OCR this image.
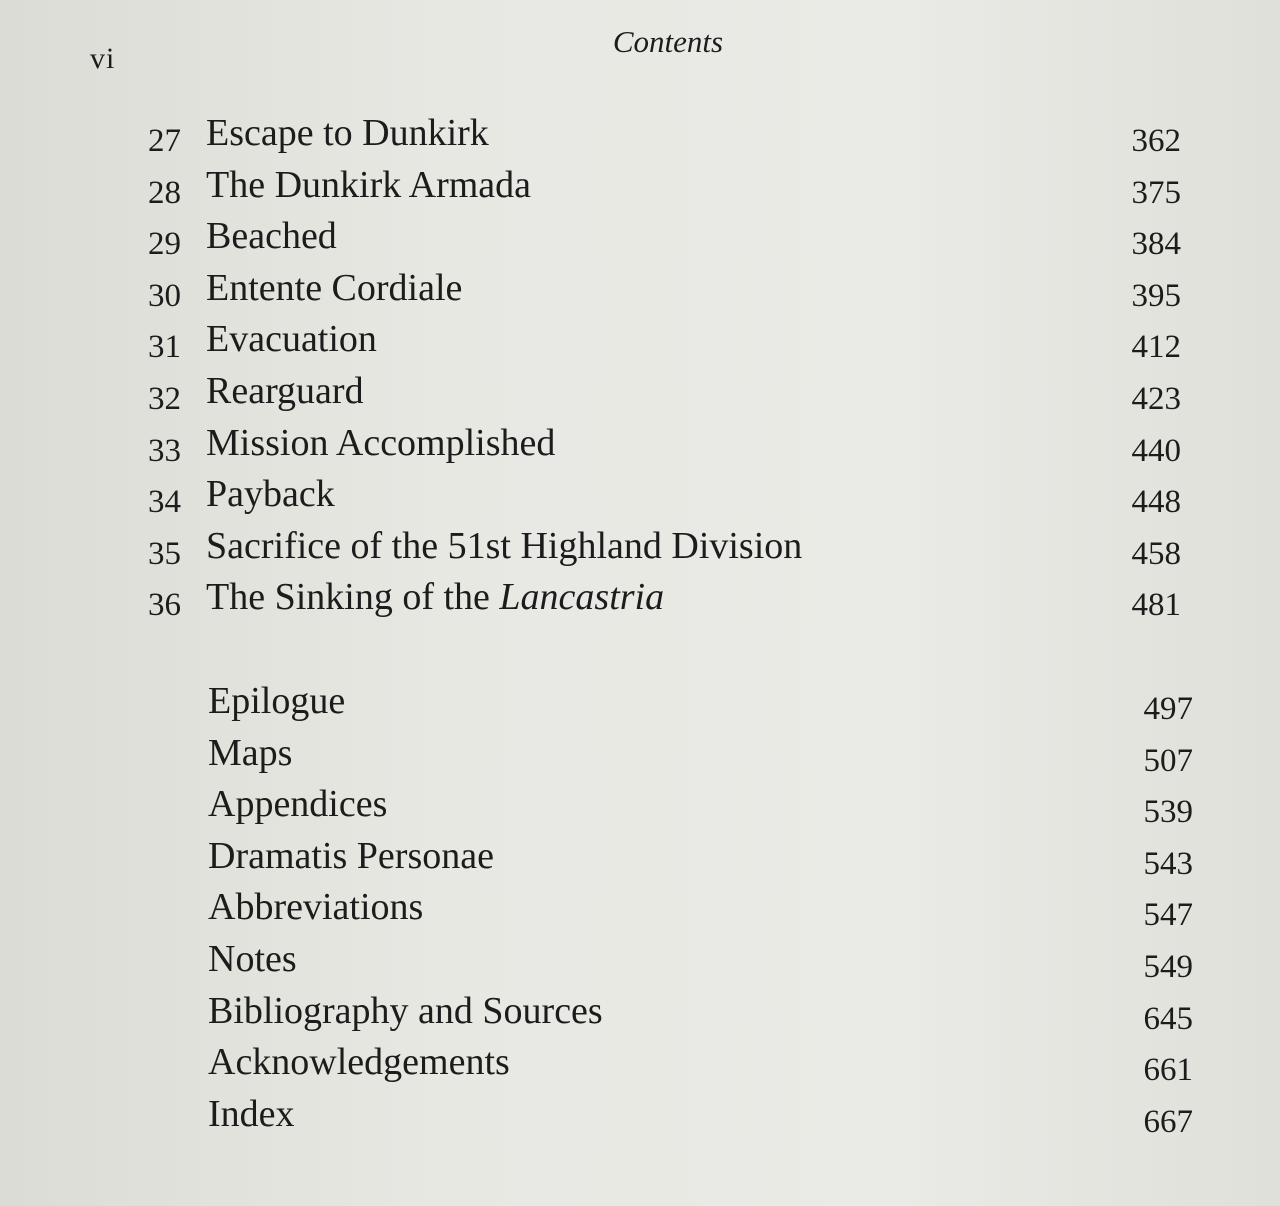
vi	Contents
27 Escape to Dunkirk	362
28 The Dunkirk Armada	375
29 Beached	384
30 Entente Cordiale	395
31 Evacuation	412
32 Rearguard	423
33 Mission Accomplished	440
34 Payback	448
35 Sacrifice of the 51st Highland Division	458
36 The Sinking of the Lancastria	481
Epilogue	497
Maps	507
Appendices	539
Dramatis Personae	543
Abbreviations	547
Notes	549
Bibliography and Sources	645
Acknowledgements	661
Index	667
